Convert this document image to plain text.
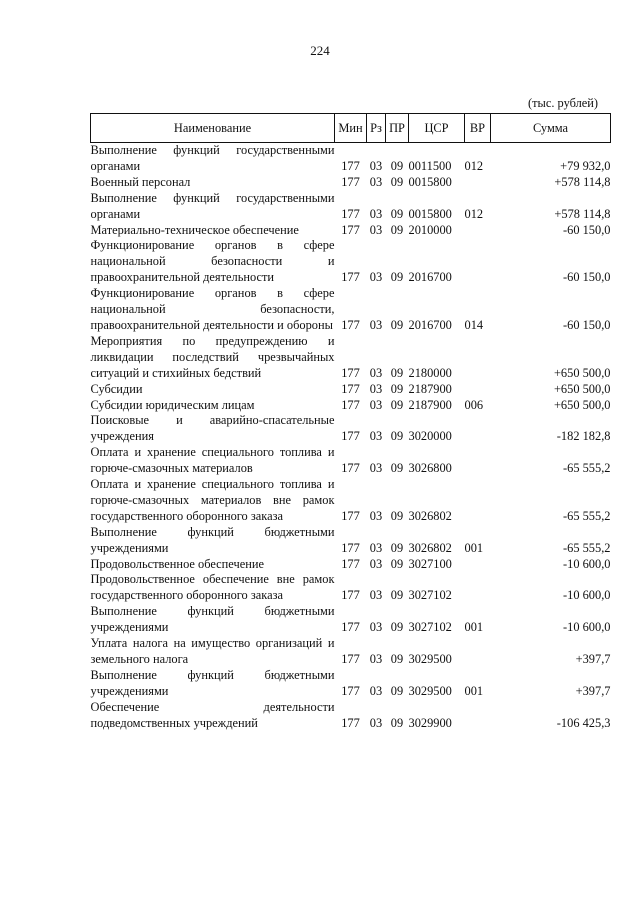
224
(тыс. рублей)
Наименование	Мин	Рз	ПР	ЦСР	ВР	Сумма
Выполнение функций государственными органами	177	03	09	0011500	012	+79 932,0
Военный персонал	177	03	09	0015800		+578 114,8
Выполнение функций государственными органами	177	03	09	0015800	012	+578 114,8
Материально-техническое обеспечение	177	03	09	2010000		-60 150,0
Функционирование органов в сфере национальной безопасности и правоохранительной деятельности	177	03	09	2016700		-60 150,0
Функционирование органов в сфере национальной безопасности, правоохранительной деятельности и обороны	177	03	09	2016700	014	-60 150,0
Мероприятия по предупреждению и ликвидации последствий чрезвычайных ситуаций и стихийных бедствий	177	03	09	2180000		+650 500,0
Субсидии	177	03	09	2187900		+650 500,0
Субсидии юридическим лицам	177	03	09	2187900	006	+650 500,0
Поисковые и аварийно-спасательные учреждения	177	03	09	3020000		-182 182,8
Оплата и хранение специального топлива и горюче-смазочных материалов	177	03	09	3026800		-65 555,2
Оплата и хранение специального топлива и горюче-смазочных материалов вне рамок государственного оборонного заказа	177	03	09	3026802		-65 555,2
Выполнение функций бюджетными учреждениями	177	03	09	3026802	001	-65 555,2
Продовольственное обеспечение	177	03	09	3027100		-10 600,0
Продовольственное обеспечение вне рамок государственного оборонного заказа	177	03	09	3027102		-10 600,0
Выполнение функций бюджетными учреждениями	177	03	09	3027102	001	-10 600,0
Уплата налога на имущество организаций и земельного налога	177	03	09	3029500		+397,7
Выполнение функций бюджетными учреждениями	177	03	09	3029500	001	+397,7
Обеспечение деятельности подведомственных учреждений	177	03	09	3029900		-106 425,3
